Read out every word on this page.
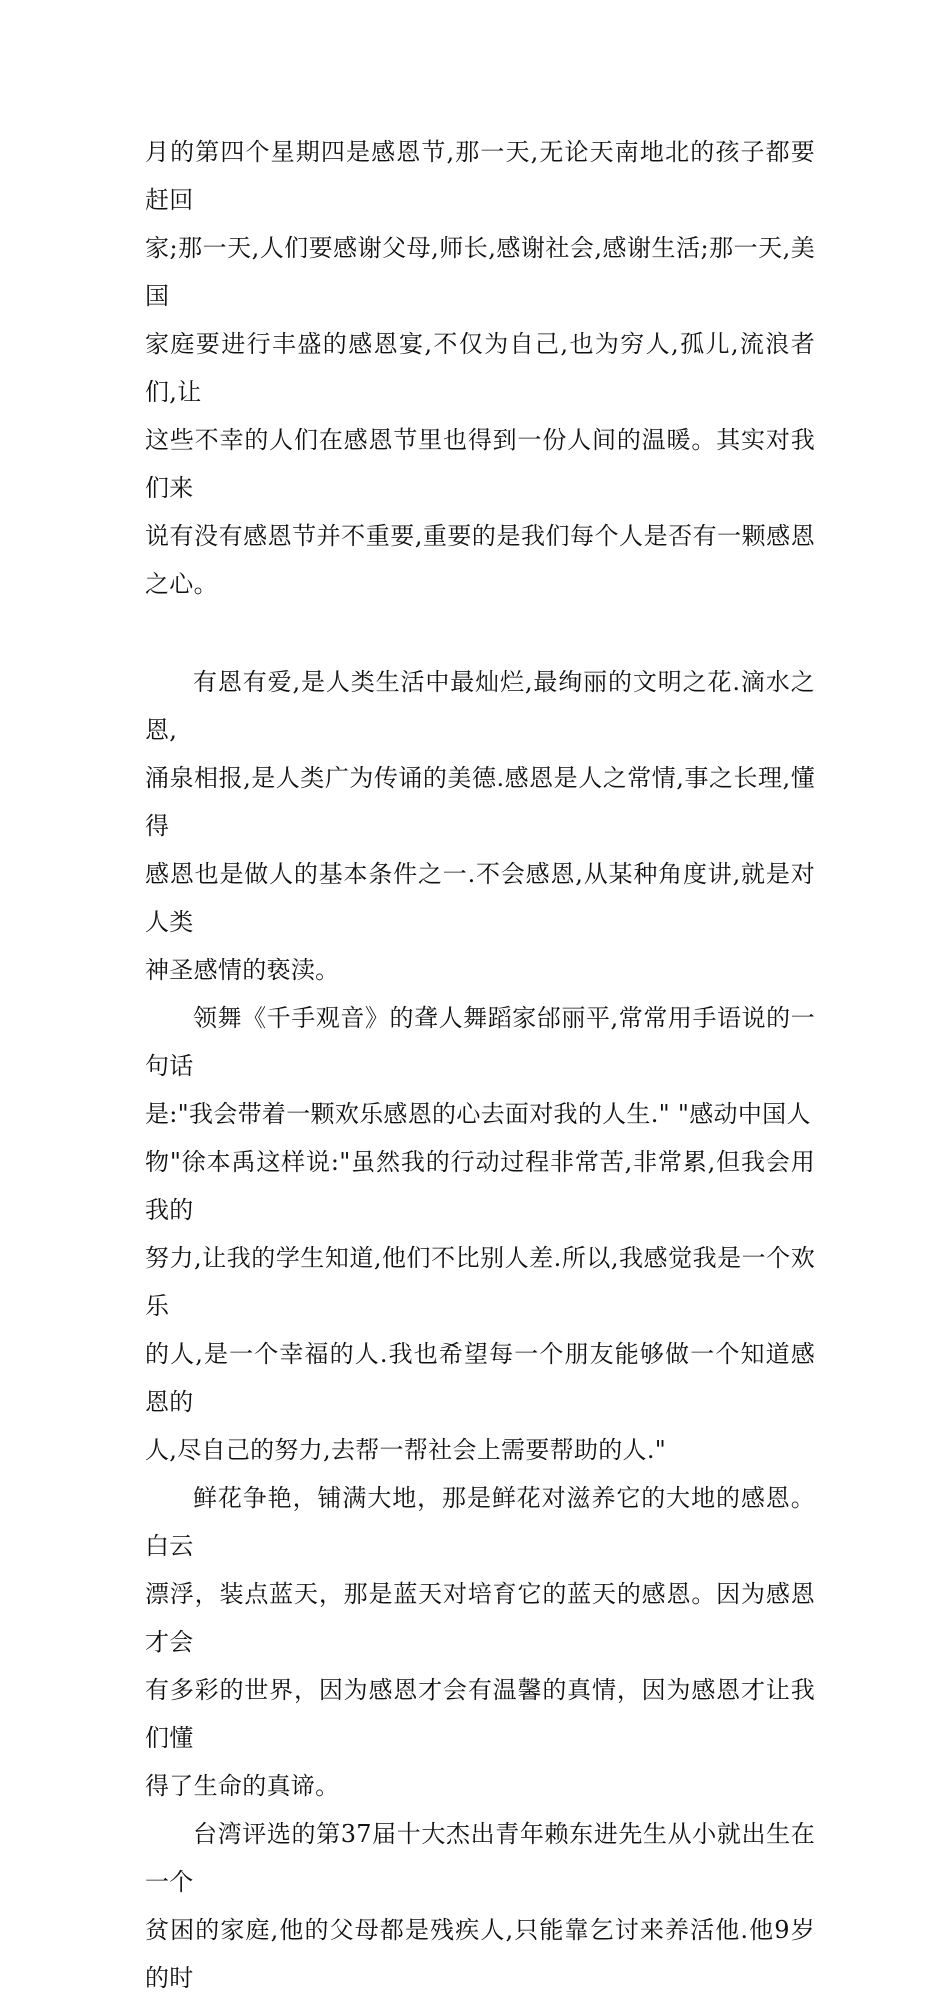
月的第四个星期四是感恩节,那一天,无论天南地北的孩子都要赶回
家;那一天,人们要感谢父母,师长,感谢社会,感谢生活;那一天,美国
家庭要进行丰盛的感恩宴,不仅为自己,也为穷人,孤儿,流浪者们,让
这些不幸的人们在感恩节里也得到一份人间的温暖。其实对我们来
说有没有感恩节并不重要,重要的是我们每个人是否有一颗感恩之心。
有恩有爱,是人类生活中最灿烂,最绚丽的文明之花.滴水之恩,
涌泉相报,是人类广为传诵的美德.感恩是人之常情,事之长理,懂得
感恩也是做人的基本条件之一.不会感恩,从某种角度讲,就是对人类
神圣感情的亵渎。
领舞《千手观音》的聋人舞蹈家邰丽平,常常用手语说的一句话
是:"我会带着一颗欢乐感恩的心去面对我的人生." "感动中国人
物"徐本禹这样说:"虽然我的行动过程非常苦,非常累,但我会用我的
努力,让我的学生知道,他们不比别人差.所以,我感觉我是一个欢乐
的人,是一个幸福的人.我也希望每一个朋友能够做一个知道感恩的
人,尽自己的努力,去帮一帮社会上需要帮助的人."
鲜花争艳，铺满大地，那是鲜花对滋养它的大地的感恩。白云
漂浮，装点蓝天，那是蓝天对培育它的蓝天的感恩。因为感恩才会
有多彩的世界，因为感恩才会有温馨的真情，因为感恩才让我们懂
得了生命的真谛。
台湾评选的第37届十大杰出青年赖东进先生从小就出生在一个
贫困的家庭,他的父母都是残疾人,只能靠乞讨来养活他.他9岁的时
